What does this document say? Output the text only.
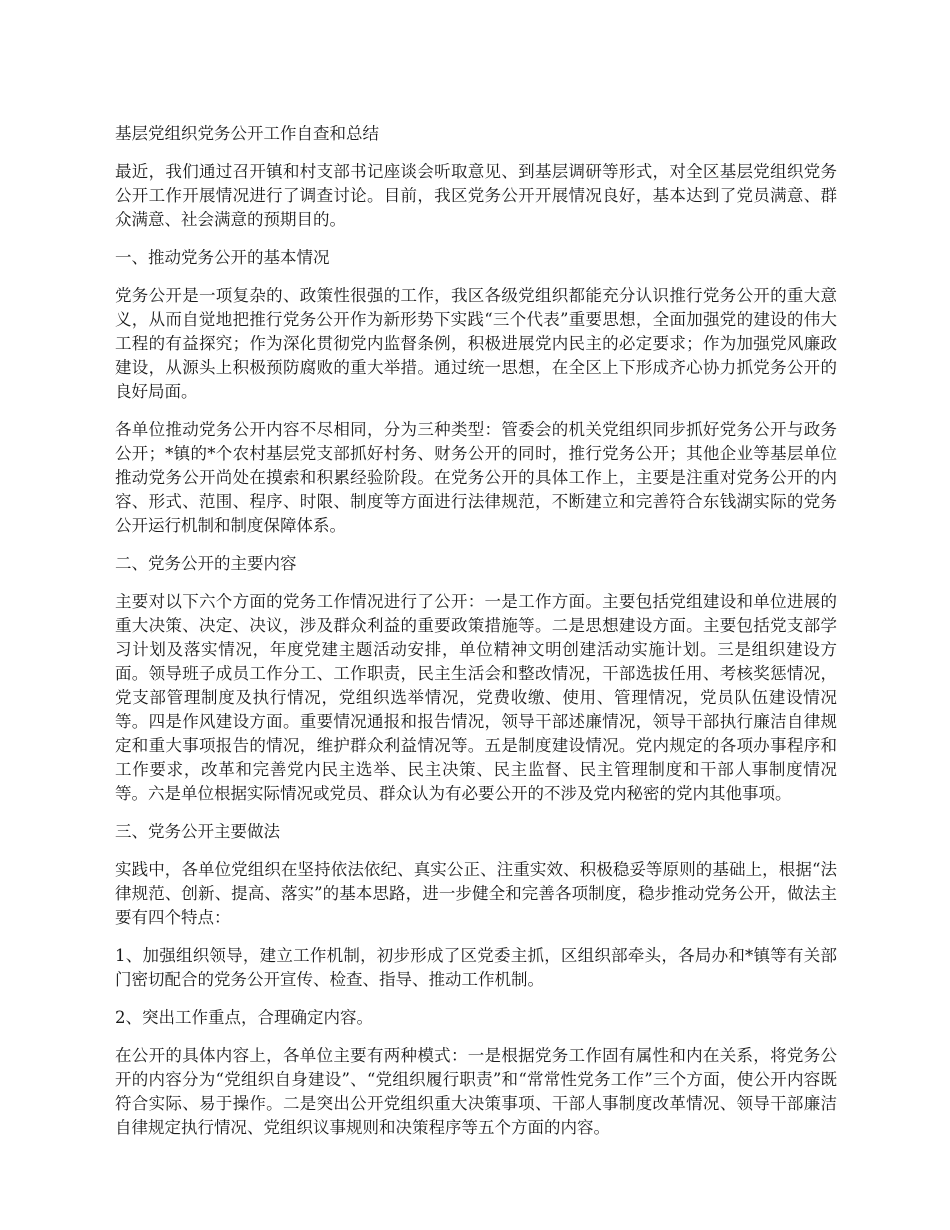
基层党组织党务公开工作自查和总结

最近，我们通过召开镇和村支部书记座谈会听取意见、到基层调研等形式，对全区基层党组织党务公开工作开展情况进行了调查讨论。目前，我区党务公开开展情况良好，基本达到了党员满意、群众满意、社会满意的预期目的。

一、推动党务公开的基本情况

党务公开是一项复杂的、政策性很强的工作，我区各级党组织都能充分认识推行党务公开的重大意义，从而自觉地把推行党务公开作为新形势下实践“三个代表”重要思想，全面加强党的建设的伟大工程的有益探究；作为深化贯彻党内监督条例，积极进展党内民主的必定要求；作为加强党风廉政建设，从源头上积极预防腐败的重大举措。通过统一思想，在全区上下形成齐心协力抓党务公开的良好局面。

各单位推动党务公开内容不尽相同，分为三种类型：管委会的机关党组织同步抓好党务公开与政务公开；*镇的*个农村基层党支部抓好村务、财务公开的同时，推行党务公开；其他企业等基层单位推动党务公开尚处在摸索和积累经验阶段。在党务公开的具体工作上，主要是注重对党务公开的内容、形式、范围、程序、时限、制度等方面进行法律规范，不断建立和完善符合东钱湖实际的党务公开运行机制和制度保障体系。

二、党务公开的主要内容

主要对以下六个方面的党务工作情况进行了公开：一是工作方面。主要包括党组建设和单位进展的重大决策、决定、决议，涉及群众利益的重要政策措施等。二是思想建设方面。主要包括党支部学习计划及落实情况，年度党建主题活动安排，单位精神文明创建活动实施计划。三是组织建设方面。领导班子成员工作分工、工作职责，民主生活会和整改情况，干部选拔任用、考核奖惩情况，党支部管理制度及执行情况，党组织选举情况，党费收缴、使用、管理情况，党员队伍建设情况等。四是作风建设方面。重要情况通报和报告情况，领导干部述廉情况，领导干部执行廉洁自律规定和重大事项报告的情况，维护群众利益情况等。五是制度建设情况。党内规定的各项办事程序和工作要求，改革和完善党内民主选举、民主决策、民主监督、民主管理制度和干部人事制度情况等。六是单位根据实际情况或党员、群众认为有必要公开的不涉及党内秘密的党内其他事项。

三、党务公开主要做法

实践中，各单位党组织在坚持依法依纪、真实公正、注重实效、积极稳妥等原则的基础上，根据“法律规范、创新、提高、落实”的基本思路，进一步健全和完善各项制度，稳步推动党务公开，做法主要有四个特点：

1、加强组织领导，建立工作机制，初步形成了区党委主抓，区组织部牵头，各局办和*镇等有关部门密切配合的党务公开宣传、检查、指导、推动工作机制。

2、突出工作重点，合理确定内容。

在公开的具体内容上，各单位主要有两种模式：一是根据党务工作固有属性和内在关系，将党务公开的内容分为“党组织自身建设”、“党组织履行职责”和“常常性党务工作”三个方面，使公开内容既符合实际、易于操作。二是突出公开党组织重大决策事项、干部人事制度改革情况、领导干部廉洁自律规定执行情况、党组织议事规则和决策程序等五个方面的内容。
